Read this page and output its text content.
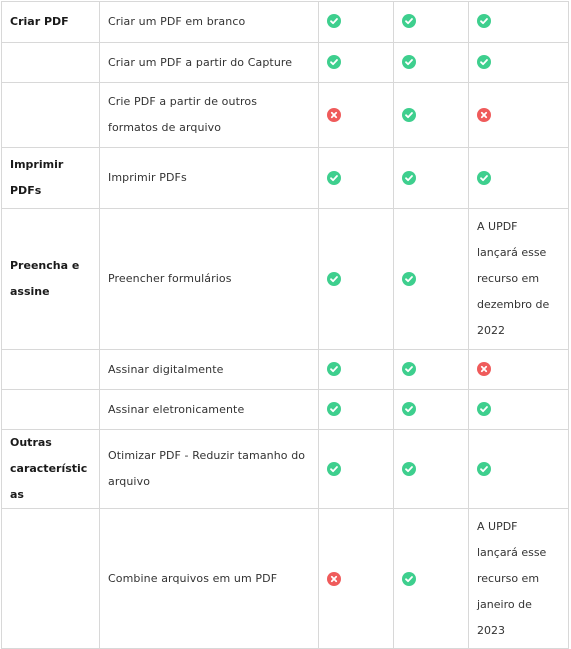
Criar PDF	Criar um PDF em branco	

	Criar um PDF a partir do Capture	

	Crie PDF a partir de outros formatos de arquivo	

Imprimir PDFs	Imprimir PDFs	

Preencha e assine	Preencher formulários			A UPDF lançará esse recurso em dezembro de 2022
	Assinar digitalmente	

	Assinar eletronicamente	

Outras características	Otimizar PDF - Reduzir tamanho do arquivo	

	Combine arquivos em um PDF			A UPDF lançará esse recurso em janeiro de 2023
